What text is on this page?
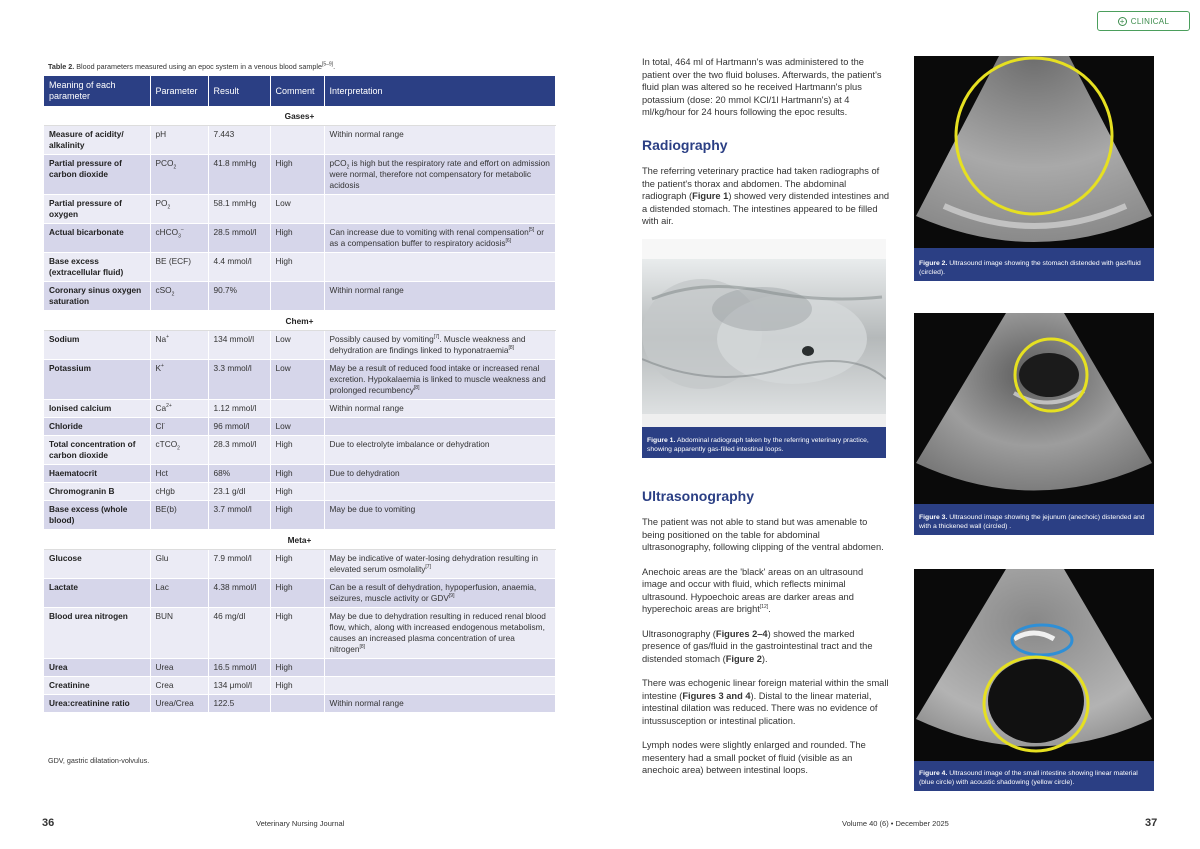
Table 2. Blood parameters measured using an epoc system in a venous blood sample[5–9].
Meaning of each parameter	Parameter	Result	Comment	Interpretation
Gases+				
Measure of acidity/ alkalinity	pH	7.443		Within normal range
Partial pressure of carbon dioxide	$PCO_2$	41.8 mmHg	High	pCO$_2$ is high but the respiratory rate and effort on admission were normal, therefore not compensatory for metabolic acidosis
Partial pressure of oxygen	$PO_2$	58.1 mmHg	Low	
Actual bicarbonate	cHCO$_3$–	28.5 mmol/l	High	Can increase due to vomiting with renal compensation[5] or as a compensation buffer to respiratory acidosis[6]
Base excess (extracellular fluid)	BE (ECF)	4.4 mmol/l	High	
Coronary sinus oxygen saturation	cSO$_2$	90.7%		Within normal range
Chem+				
Sodium	Na+	134 mmol/l	Low	Possibly caused by vomiting[7]. Muscle weakness and dehydration are findings linked to hyponatraemia[8]
Potassium	K+	3.3 mmol/l	Low	May be a result of reduced food intake or increased renal excretion. Hypokalaemia is linked to muscle weakness and prolonged recumbency[8]
Ionised calcium	$Ca^{2+}$	1.12 mmol/l		Within normal range
Chloride	Cl-	96 mmol/l	Low	
Total concentration of carbon dioxide	cTCO$_2$	28.3 mmol/l	High	Due to electrolyte imbalance or dehydration
Haematocrit	Hct	68%	High	Due to dehydration
Chromogranin B	cHgb	23.1 g/dl	High	
Base excess (whole blood)	BE(b)	3.7 mmol/l	High	May be due to vomiting
Meta+				
Glucose	Glu	7.9 mmol/l	High	May be indicative of water-losing dehydration resulting in elevated serum osmolality[7]
Lactate	Lac	4.38 mmol/l	High	Can be a result of dehydration, hypoperfusion, anaemia, seizures, muscle activity or GDV[9]
Blood urea nitrogen	BUN	46 mg/dl	High	May be due to dehydration resulting in reduced renal blood flow, which, along with increased endogenous metabolism, causes an increased plasma concentration of urea nitrogen[8]
Urea	Urea	16.5 mmol/l	High	
Creatinine	Crea	134 μmol/l	High	
Urea:creatinine ratio	Urea/Crea	122.5		Within normal range
GDV, gastric dilatation-volvulus.
36	Veterinary Nursing Journal
+ CLINICAL

In total, 464 ml of Hartmann's was administered to the patient over the two fluid boluses. Afterwards, the patient's fluid plan was altered so he received Hartmann's plus potassium (dose: 20 mmol KCl/1l Hartmann's) at 4 ml/kg/hour for 24 hours following the epoc results.

Radiography

The referring veterinary practice had taken radiographs of the patient's thorax and abdomen. The abdominal radiograph (Figure 1) showed very distended intestines and a distended stomach. The intestines appeared to be filled with air.

Figure 1. Abdominal radiograph taken by the referring veterinary practice, showing apparently gas-filled intestinal loops.
Ultrasonography

The patient was not able to stand but was amenable to being positioned on the table for abdominal ultrasonography, following clipping of the ventral abdomen.

Anechoic areas are the 'black' areas on an ultrasound image and occur with fluid, which reflects minimal ultrasound. Hypoechoic areas are darker areas and hyperechoic areas are bright[12].

Ultrasonography (Figures 2–4) showed the marked presence of gas/fluid in the gastrointestinal tract and the distended stomach (Figure 2).

There was echogenic linear foreign material within the small intestine (Figures 3 and 4). Distal to the linear material, intestinal dilation was reduced. There was no evidence of intussusception or intestinal plication.

Lymph nodes were slightly enlarged and rounded. The mesentery had a small pocket of fluid (visible as an anechoic area) between intestinal loops.

Figure 2. Ultrasound image showing the stomach distended with gas/fluid (circled).
Figure 3. Ultrasound image showing the jejunum (anechoic) distended and with a thickened wall (circled) .
Figure 4. Ultrasound image of the small intestine showing linear material (blue circle) with acoustic shadowing (yellow circle).
Volume 40 (6) • December 2025	37
